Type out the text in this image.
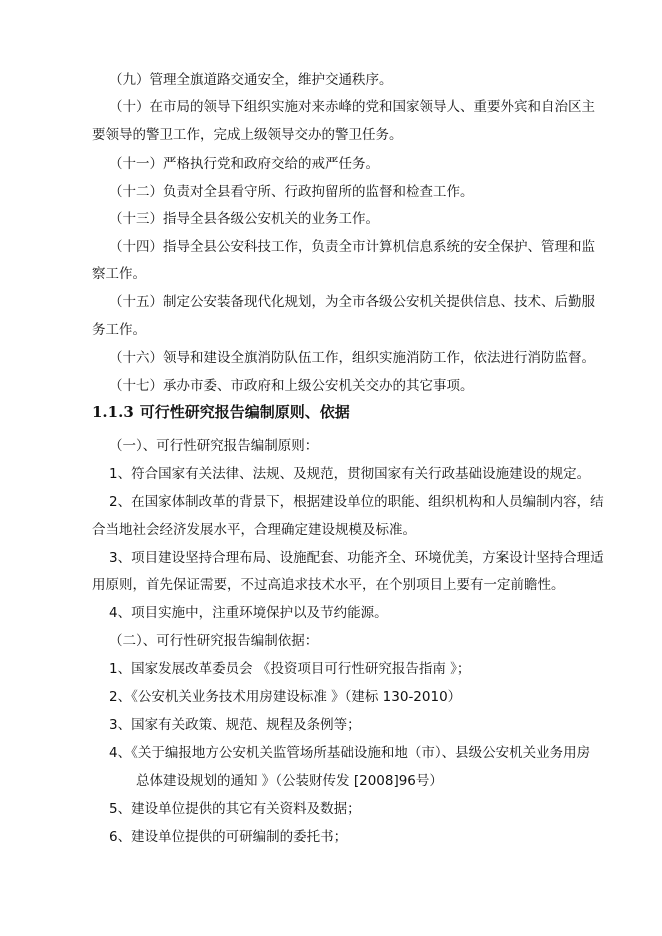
（九）管理全旗道路交通安全，维护交通秩序。
（十）在市局的领导下组织实施对来赤峰的党和国家领导人、重要外宾和自治区主
要领导的警卫工作，完成上级领导交办的警卫任务。
（十一）严格执行党和政府交给的戒严任务。
（十二）负责对全县看守所、行政拘留所的监督和检查工作。
（十三）指导全县各级公安机关的业务工作。
（十四）指导全县公安科技工作，负责全市计算机信息系统的安全保护、管理和监
察工作。
（十五）制定公安装备现代化规划，为全市各级公安机关提供信息、技术、后勤服
务工作。
（十六）领导和建设全旗消防队伍工作，组织实施消防工作，依法进行消防监督。
（十七）承办市委、市政府和上级公安机关交办的其它事项。
1.1.3 可行性研究报告编制原则、依据
（一）、可行性研究报告编制原则：
1、符合国家有关法律、法规、及规范，贯彻国家有关行政基础设施建设的规定。
2、在国家体制改革的背景下，根据建设单位的职能、组织机构和人员编制内容，结
合当地社会经济发展水平，合理确定建设规模及标准。
3、项目建设坚持合理布局、设施配套、功能齐全、环境优美，方案设计坚持合理适
用原则，首先保证需要，不过高追求技术水平，在个别项目上要有一定前瞻性。
4、项目实施中，注重环境保护以及节约能源。
（二）、可行性研究报告编制依据：
1、国家发展改革委员会 《投资项目可行性研究报告指南 》；
2、《公安机关业务技术用房建设标准 》（建标 130-2010）
3、国家有关政策、规范、规程及条例等；
4、《关于编报地方公安机关监管场所基础设施和地（市）、县级公安机关业务用房
总体建设规划的通知 》（公装财传发 [2008]96号）
5、建设单位提供的其它有关资料及数据；
6、建设单位提供的可研编制的委托书；
